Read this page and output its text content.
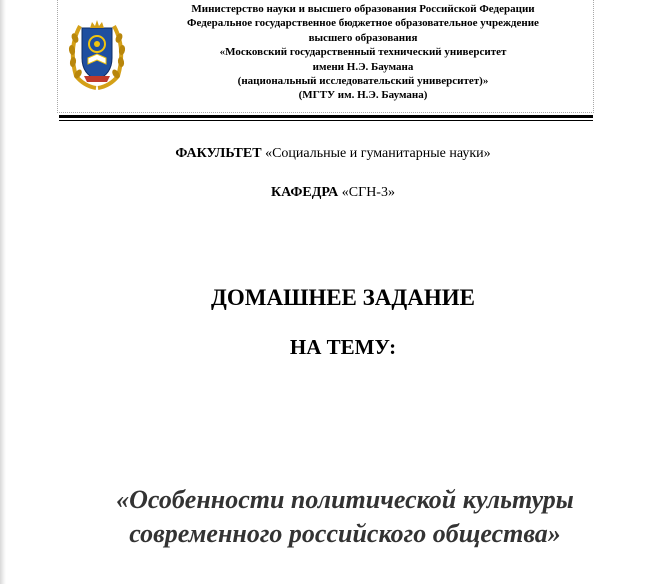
Министерство науки и высшего образования Российской Федерации
Федеральное государственное бюджетное образовательное учреждение
высшего образования
«Московский государственный технический университет
имени Н.Э. Баумана
(национальный исследовательский университет)»
(МГТУ им. Н.Э. Баумана)
ФАКУЛЬТЕТ «Социальные и гуманитарные науки»
КАФЕДРА «СГН-3»
ДОМАШНЕЕ ЗАДАНИЕ
НА ТЕМУ:
«Особенности политической культуры
современного российского общества»
